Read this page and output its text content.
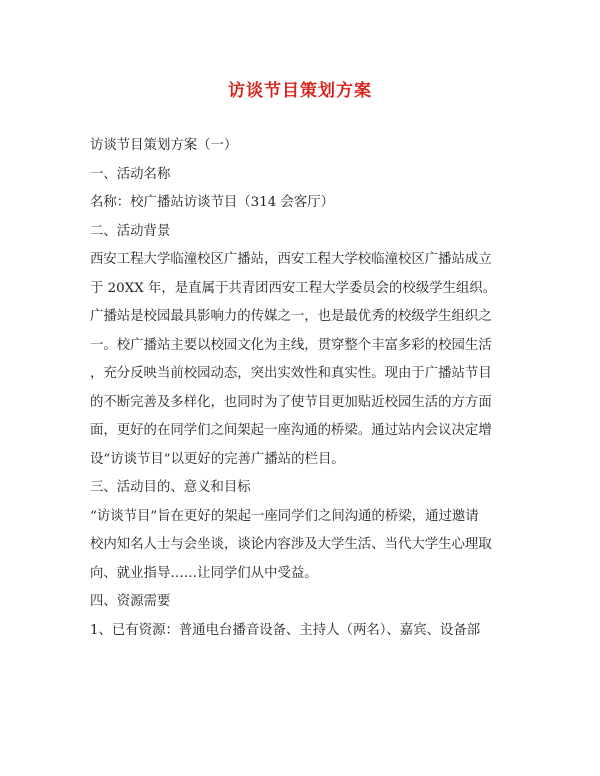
访谈节目策划方案

访谈节目策划方案（一）

一、活动名称

名称：校广播站访谈节目（314 会客厅）

二、活动背景

西安工程大学临潼校区广播站，西安工程大学校临潼校区广播站成立

于 20XX 年，是直属于共青团西安工程大学委员会的校级学生组织。

广播站是校园最具影响力的传媒之一，也是最优秀的校级学生组织之

一。校广播站主要以校园文化为主线，贯穿整个丰富多彩的校园生活

，充分反映当前校园动态，突出实效性和真实性。现由于广播站节目

的不断完善及多样化，也同时为了使节目更加贴近校园生活的方方面

面，更好的在同学们之间架起一座沟通的桥梁。通过站内会议决定增

设“访谈节目”以更好的完善广播站的栏目。

三、活动目的、意义和目标

“访谈节目”旨在更好的架起一座同学们之间沟通的桥梁，通过邀请

校内知名人士与会坐谈，谈论内容涉及大学生活、当代大学生心理取

向、就业指导……让同学们从中受益。

四、资源需要

1、已有资源：普通电台播音设备、主持人（两名）、嘉宾、设备部
